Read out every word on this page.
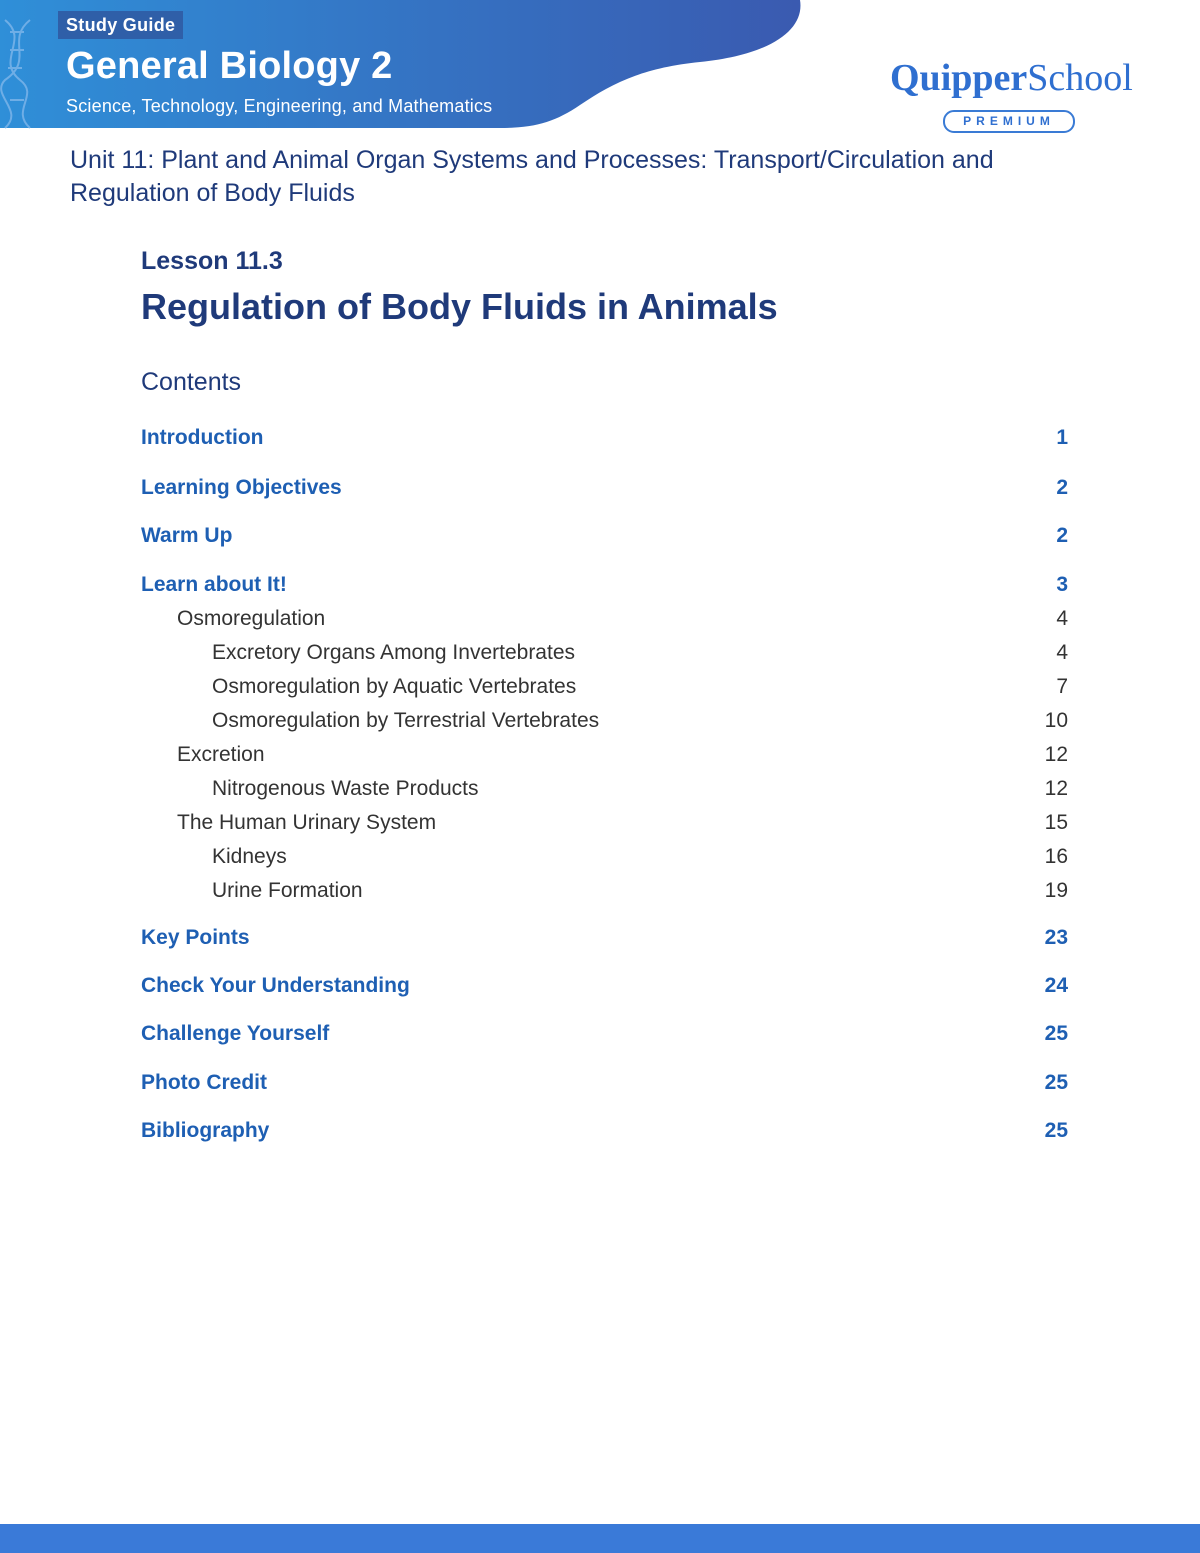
Study Guide
General Biology 2
Science, Technology, Engineering, and Mathematics
QuipperSchool
PREMIUM
Unit 11: Plant and Animal Organ Systems and Processes: Transport/Circulation and Regulation of Body Fluids
Lesson 11.3
Regulation of Body Fluids in Animals
Contents
Introduction	1
Learning Objectives	2
Warm Up	2
Learn about It!	3
Osmoregulation	4
Excretory Organs Among Invertebrates	4
Osmoregulation by Aquatic Vertebrates	7
Osmoregulation by Terrestrial Vertebrates	10
Excretion	12
Nitrogenous Waste Products	12
The Human Urinary System	15
Kidneys	16
Urine Formation	19
Key Points	23
Check Your Understanding	24
Challenge Yourself	25
Photo Credit	25
Bibliography	25
